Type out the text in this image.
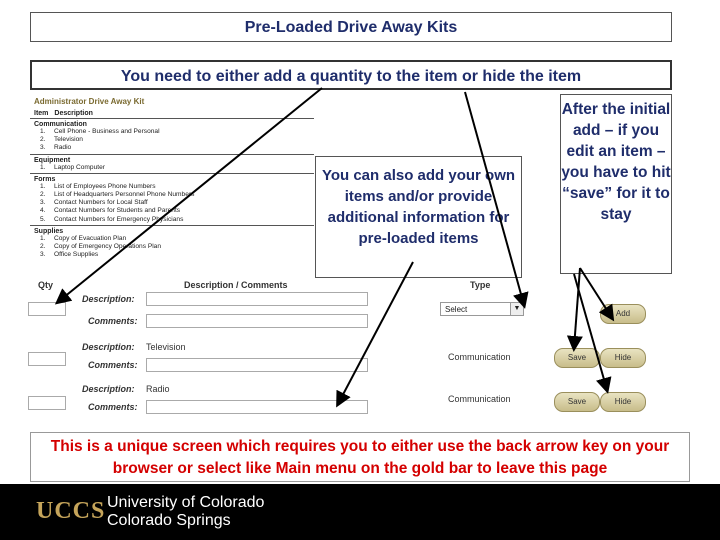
Pre-Loaded Drive Away Kits
You need to either add a quantity to the item or hide the item
Administrator Drive Away Kit
Item Description
Communication
1.	Cell Phone - Business and Personal
2.	Television
3.	Radio
Equipment
1.	Laptop Computer
Forms
1.	List of Employees Phone Numbers
2.	List of Headquarters Personnel Phone Numbers
3.	Contact Numbers for Local Staff
4.	Contact Numbers for Students and Parents
5.	Contact Numbers for Emergency Physicians
Supplies
1.	Copy of Evacuation Plan
2.	Copy of Emergency Operations Plan
3.	Office Supplies
Qty	Description / Comments	Type
Description:
Comments:
Select	▼
Add
Description: Television
Comments:
Communication	Save	Hide
Description: Radio
Comments:
Communication	Save	Hide
You can also add your own items and/or provide additional information for pre-loaded items
After the initial add – if you edit an item – you have to hit “save” for it to stay
This is a unique screen which requires you to either use the back arrow key on your browser or select like Main menu on the gold bar to leave this page
UCCS University of Colorado
Colorado Springs
